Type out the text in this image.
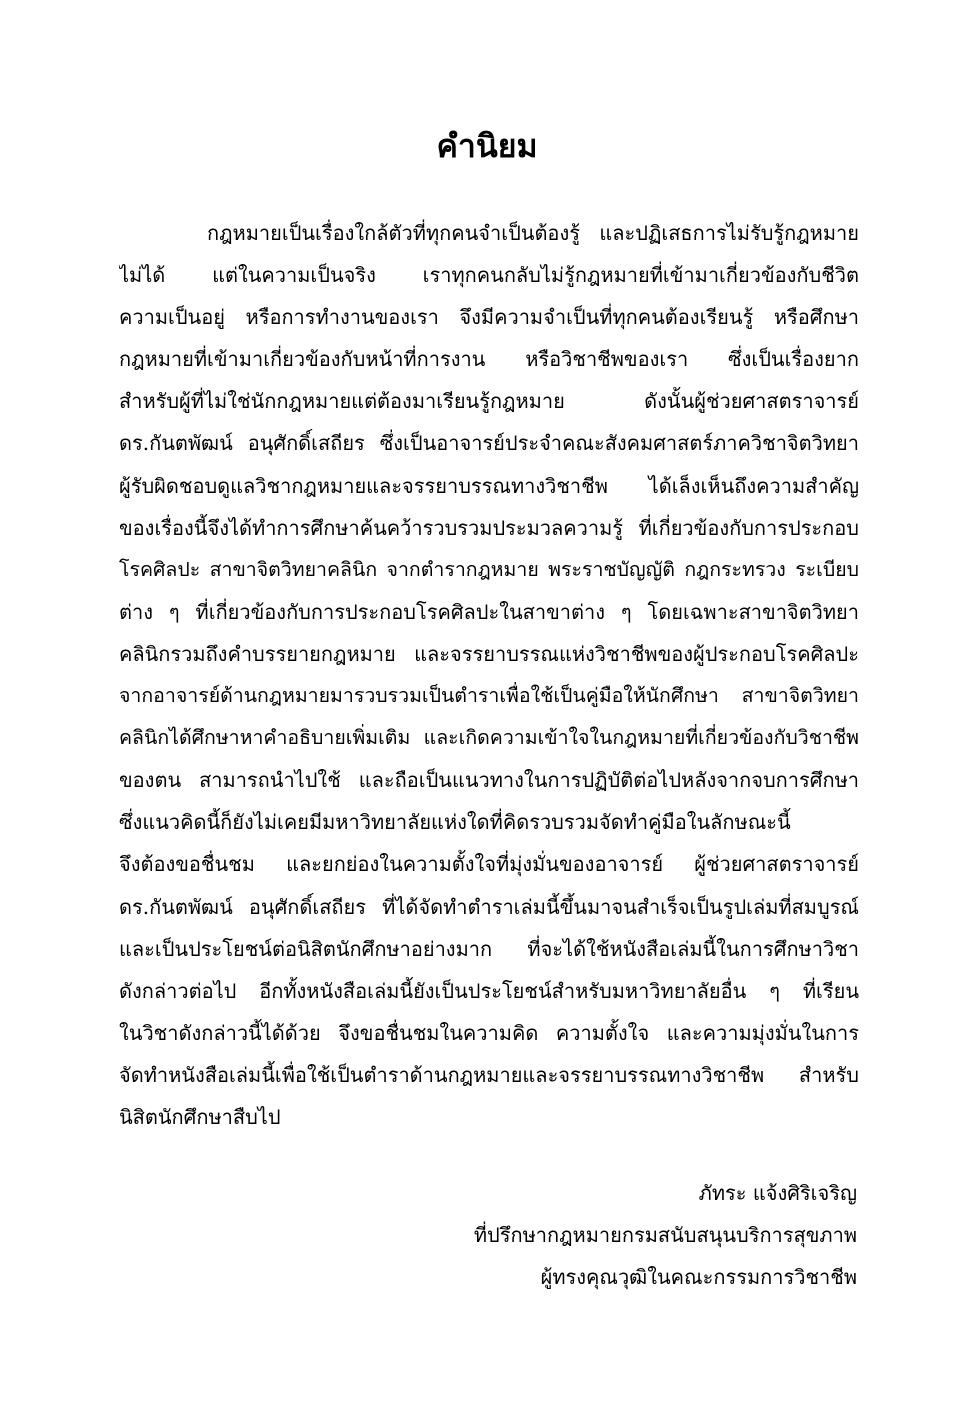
คำนิยม
กฎหมายเป็นเรื่องใกล้ตัวที่ทุกคนจำเป็นต้องรู้ และปฏิเสธการไม่รับรู้กฎหมาย
ไม่ได้ แต่ในความเป็นจริง เราทุกคนกลับไม่รู้กฎหมายที่เข้ามาเกี่ยวข้องกับชีวิต
ความเป็นอยู่ หรือการทำงานของเรา จึงมีความจำเป็นที่ทุกคนต้องเรียนรู้ หรือศึกษา
กฎหมายที่เข้ามาเกี่ยวข้องกับหน้าที่การงาน หรือวิชาชีพของเรา ซึ่งเป็นเรื่องยาก
สำหรับผู้ที่ไม่ใช่นักกฎหมายแต่ต้องมาเรียนรู้กฎหมาย ดังนั้นผู้ช่วยศาสตราจารย์
ดร.กันตพัฒน์ อนุศักดิ์เสถียร ซึ่งเป็นอาจารย์ประจำคณะสังคมศาสตร์ภาควิชาจิตวิทยา
ผู้รับผิดชอบดูแลวิชากฎหมายและจรรยาบรรณทางวิชาชีพ ได้เล็งเห็นถึงความสำคัญ
ของเรื่องนี้จึงได้ทำการศึกษาค้นคว้ารวบรวมประมวลความรู้ ที่เกี่ยวข้องกับการประกอบ
โรคศิลปะ สาขาจิตวิทยาคลินิก จากตำรากฎหมาย พระราชบัญญัติ กฎกระทรวง ระเบียบ
ต่าง ๆ ที่เกี่ยวข้องกับการประกอบโรคศิลปะในสาขาต่าง ๆ โดยเฉพาะสาขาจิตวิทยา
คลินิกรวมถึงคำบรรยายกฎหมาย และจรรยาบรรณแห่งวิชาชีพของผู้ประกอบโรคศิลปะ
จากอาจารย์ด้านกฎหมายมารวบรวมเป็นตำราเพื่อใช้เป็นคู่มือให้นักศึกษา สาขาจิตวิทยา
คลินิกได้ศึกษาหาคำอธิบายเพิ่มเติม และเกิดความเข้าใจในกฎหมายที่เกี่ยวข้องกับวิชาชีพ
ของตน สามารถนำไปใช้ และถือเป็นแนวทางในการปฏิบัติต่อไปหลังจากจบการศึกษา
ซึ่งแนวคิดนี้ก็ยังไม่เคยมีมหาวิทยาลัยแห่งใดที่คิดรวบรวมจัดทำคู่มือในลักษณะนี้
จึงต้องขอชื่นชม และยกย่องในความตั้งใจที่มุ่งมั่นของอาจารย์ ผู้ช่วยศาสตราจารย์
ดร.กันตพัฒน์ อนุศักดิ์เสถียร ที่ได้จัดทำตำราเล่มนี้ขึ้นมาจนสำเร็จเป็นรูปเล่มที่สมบูรณ์
และเป็นประโยชน์ต่อนิสิตนักศึกษาอย่างมาก ที่จะได้ใช้หนังสือเล่มนี้ในการศึกษาวิชา
ดังกล่าวต่อไป อีกทั้งหนังสือเล่มนี้ยังเป็นประโยชน์สำหรับมหาวิทยาลัยอื่น ๆ ที่เรียน
ในวิชาดังกล่าวนี้ได้ด้วย จึงขอชื่นชมในความคิด ความตั้งใจ และความมุ่งมั่นในการ
จัดทำหนังสือเล่มนี้เพื่อใช้เป็นตำราด้านกฎหมายและจรรยาบรรณทางวิชาชีพ สำหรับ
นิสิตนักศึกษาสืบไป
ภัทระ แจ้งศิริเจริญ
ที่ปรึกษากฎหมายกรมสนับสนุนบริการสุขภาพ
ผู้ทรงคุณวุฒิในคณะกรรมการวิชาชีพ
